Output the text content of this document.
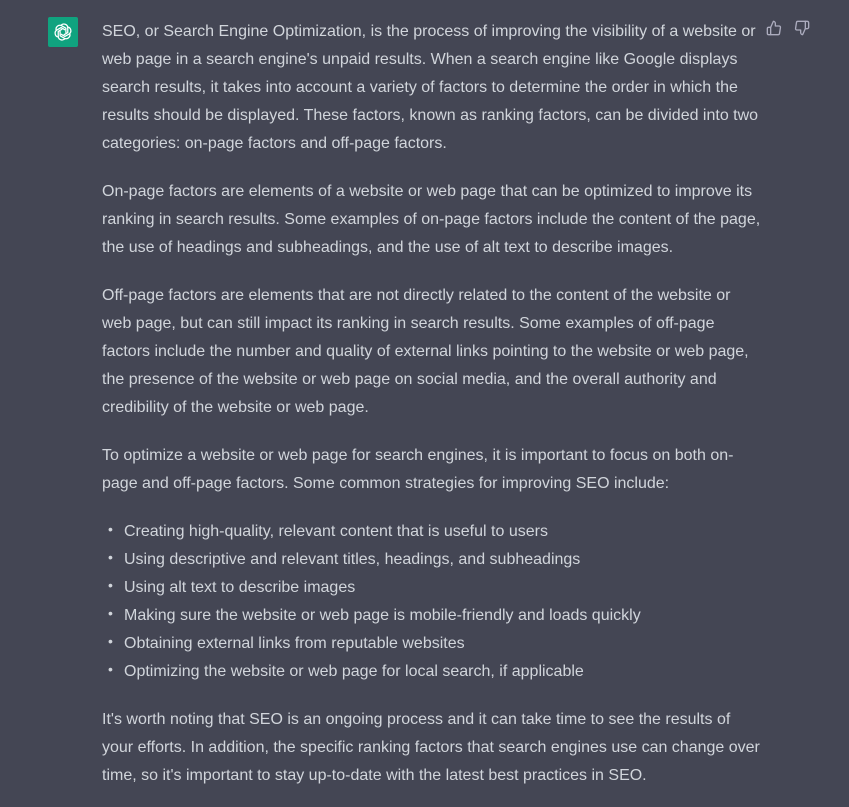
SEO, or Search Engine Optimization, is the process of improving the visibility of a website or web page in a search engine's unpaid results. When a search engine like Google displays search results, it takes into account a variety of factors to determine the order in which the results should be displayed. These factors, known as ranking factors, can be divided into two categories: on-page factors and off-page factors.

On-page factors are elements of a website or web page that can be optimized to improve its ranking in search results. Some examples of on-page factors include the content of the page, the use of headings and subheadings, and the use of alt text to describe images.

Off-page factors are elements that are not directly related to the content of the website or web page, but can still impact its ranking in search results. Some examples of off-page factors include the number and quality of external links pointing to the website or web page, the presence of the website or web page on social media, and the overall authority and credibility of the website or web page.

To optimize a website or web page for search engines, it is important to focus on both on-page and off-page factors. Some common strategies for improving SEO include:

• Creating high-quality, relevant content that is useful to users
• Using descriptive and relevant titles, headings, and subheadings
• Using alt text to describe images
• Making sure the website or web page is mobile-friendly and loads quickly
• Obtaining external links from reputable websites
• Optimizing the website or web page for local search, if applicable

It's worth noting that SEO is an ongoing process and it can take time to see the results of your efforts. In addition, the specific ranking factors that search engines use can change over time, so it's important to stay up-to-date with the latest best practices in SEO.
